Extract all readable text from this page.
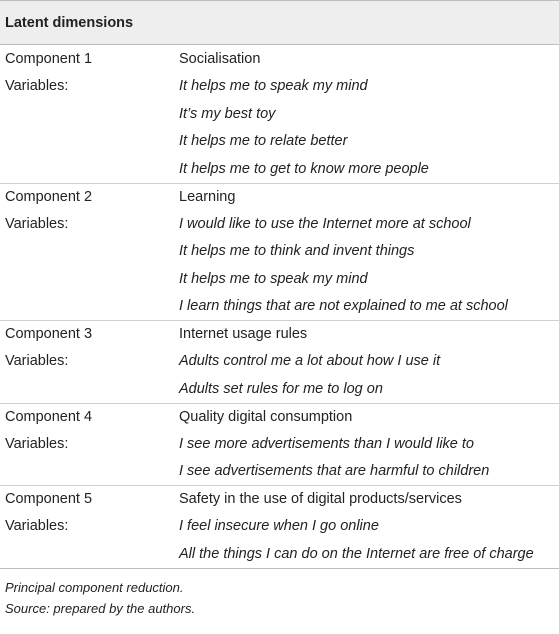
Latent dimensions
Component 1	Socialisation
Variables:	It helps me to speak my mind
It’s my best toy
It helps me to relate better
It helps me to get to know more people
Component 2	Learning
Variables:	I would like to use the Internet more at school
It helps me to think and invent things
It helps me to speak my mind
I learn things that are not explained to me at school
Component 3	Internet usage rules
Variables:	Adults control me a lot about how I use it
Adults set rules for me to log on
Component 4	Quality digital consumption
Variables:	I see more advertisements than I would like to
I see advertisements that are harmful to children
Component 5	Safety in the use of digital products/services
Variables:	I feel insecure when I go online
All the things I can do on the Internet are free of charge
Principal component reduction.
Source: prepared by the authors.
